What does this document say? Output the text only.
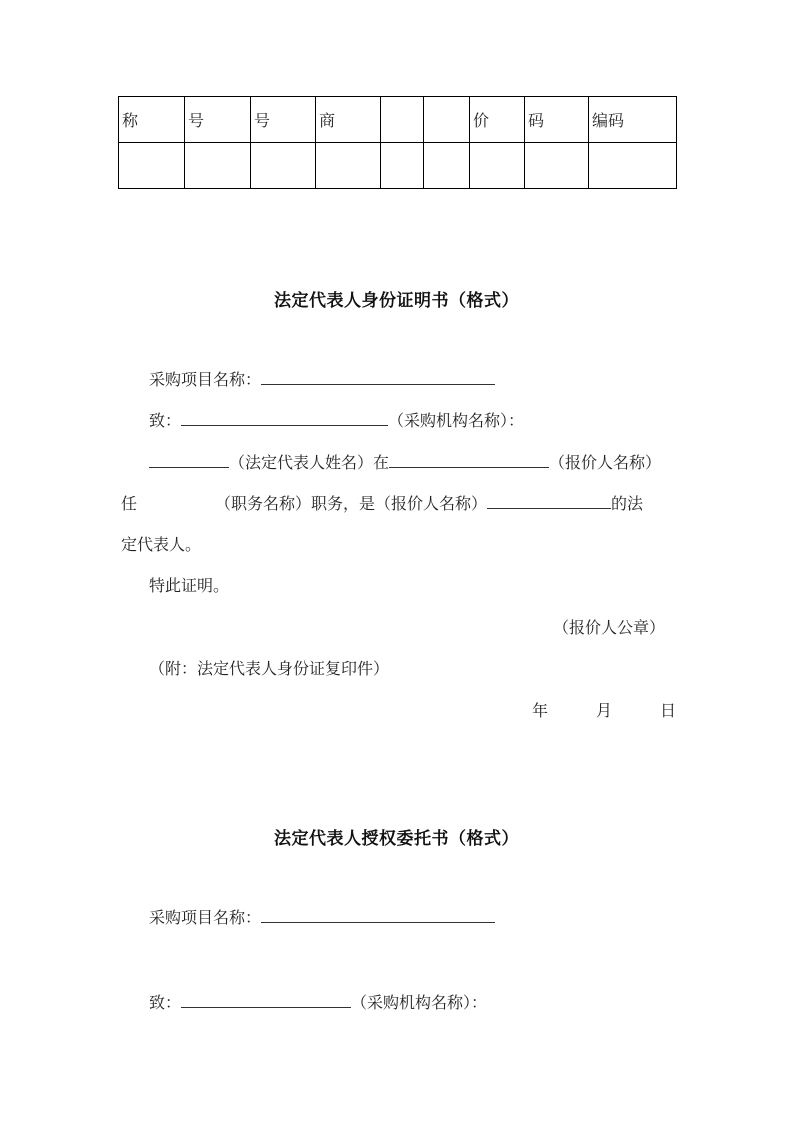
称	号	号	商			价	码	编码

法定代表人身份证明书（格式）
采购项目名称：
致：	（采购机构名称）：
（法定代表人姓名）在	（报价人名称）
任	（职务名称）职务，是（报价人名称）	的法
定代表人。
特此证明。
（报价人公章）
（附：法定代表人身份证复印件）
年	月	日
法定代表人授权委托书（格式）
采购项目名称：
致：	（采购机构名称）：
